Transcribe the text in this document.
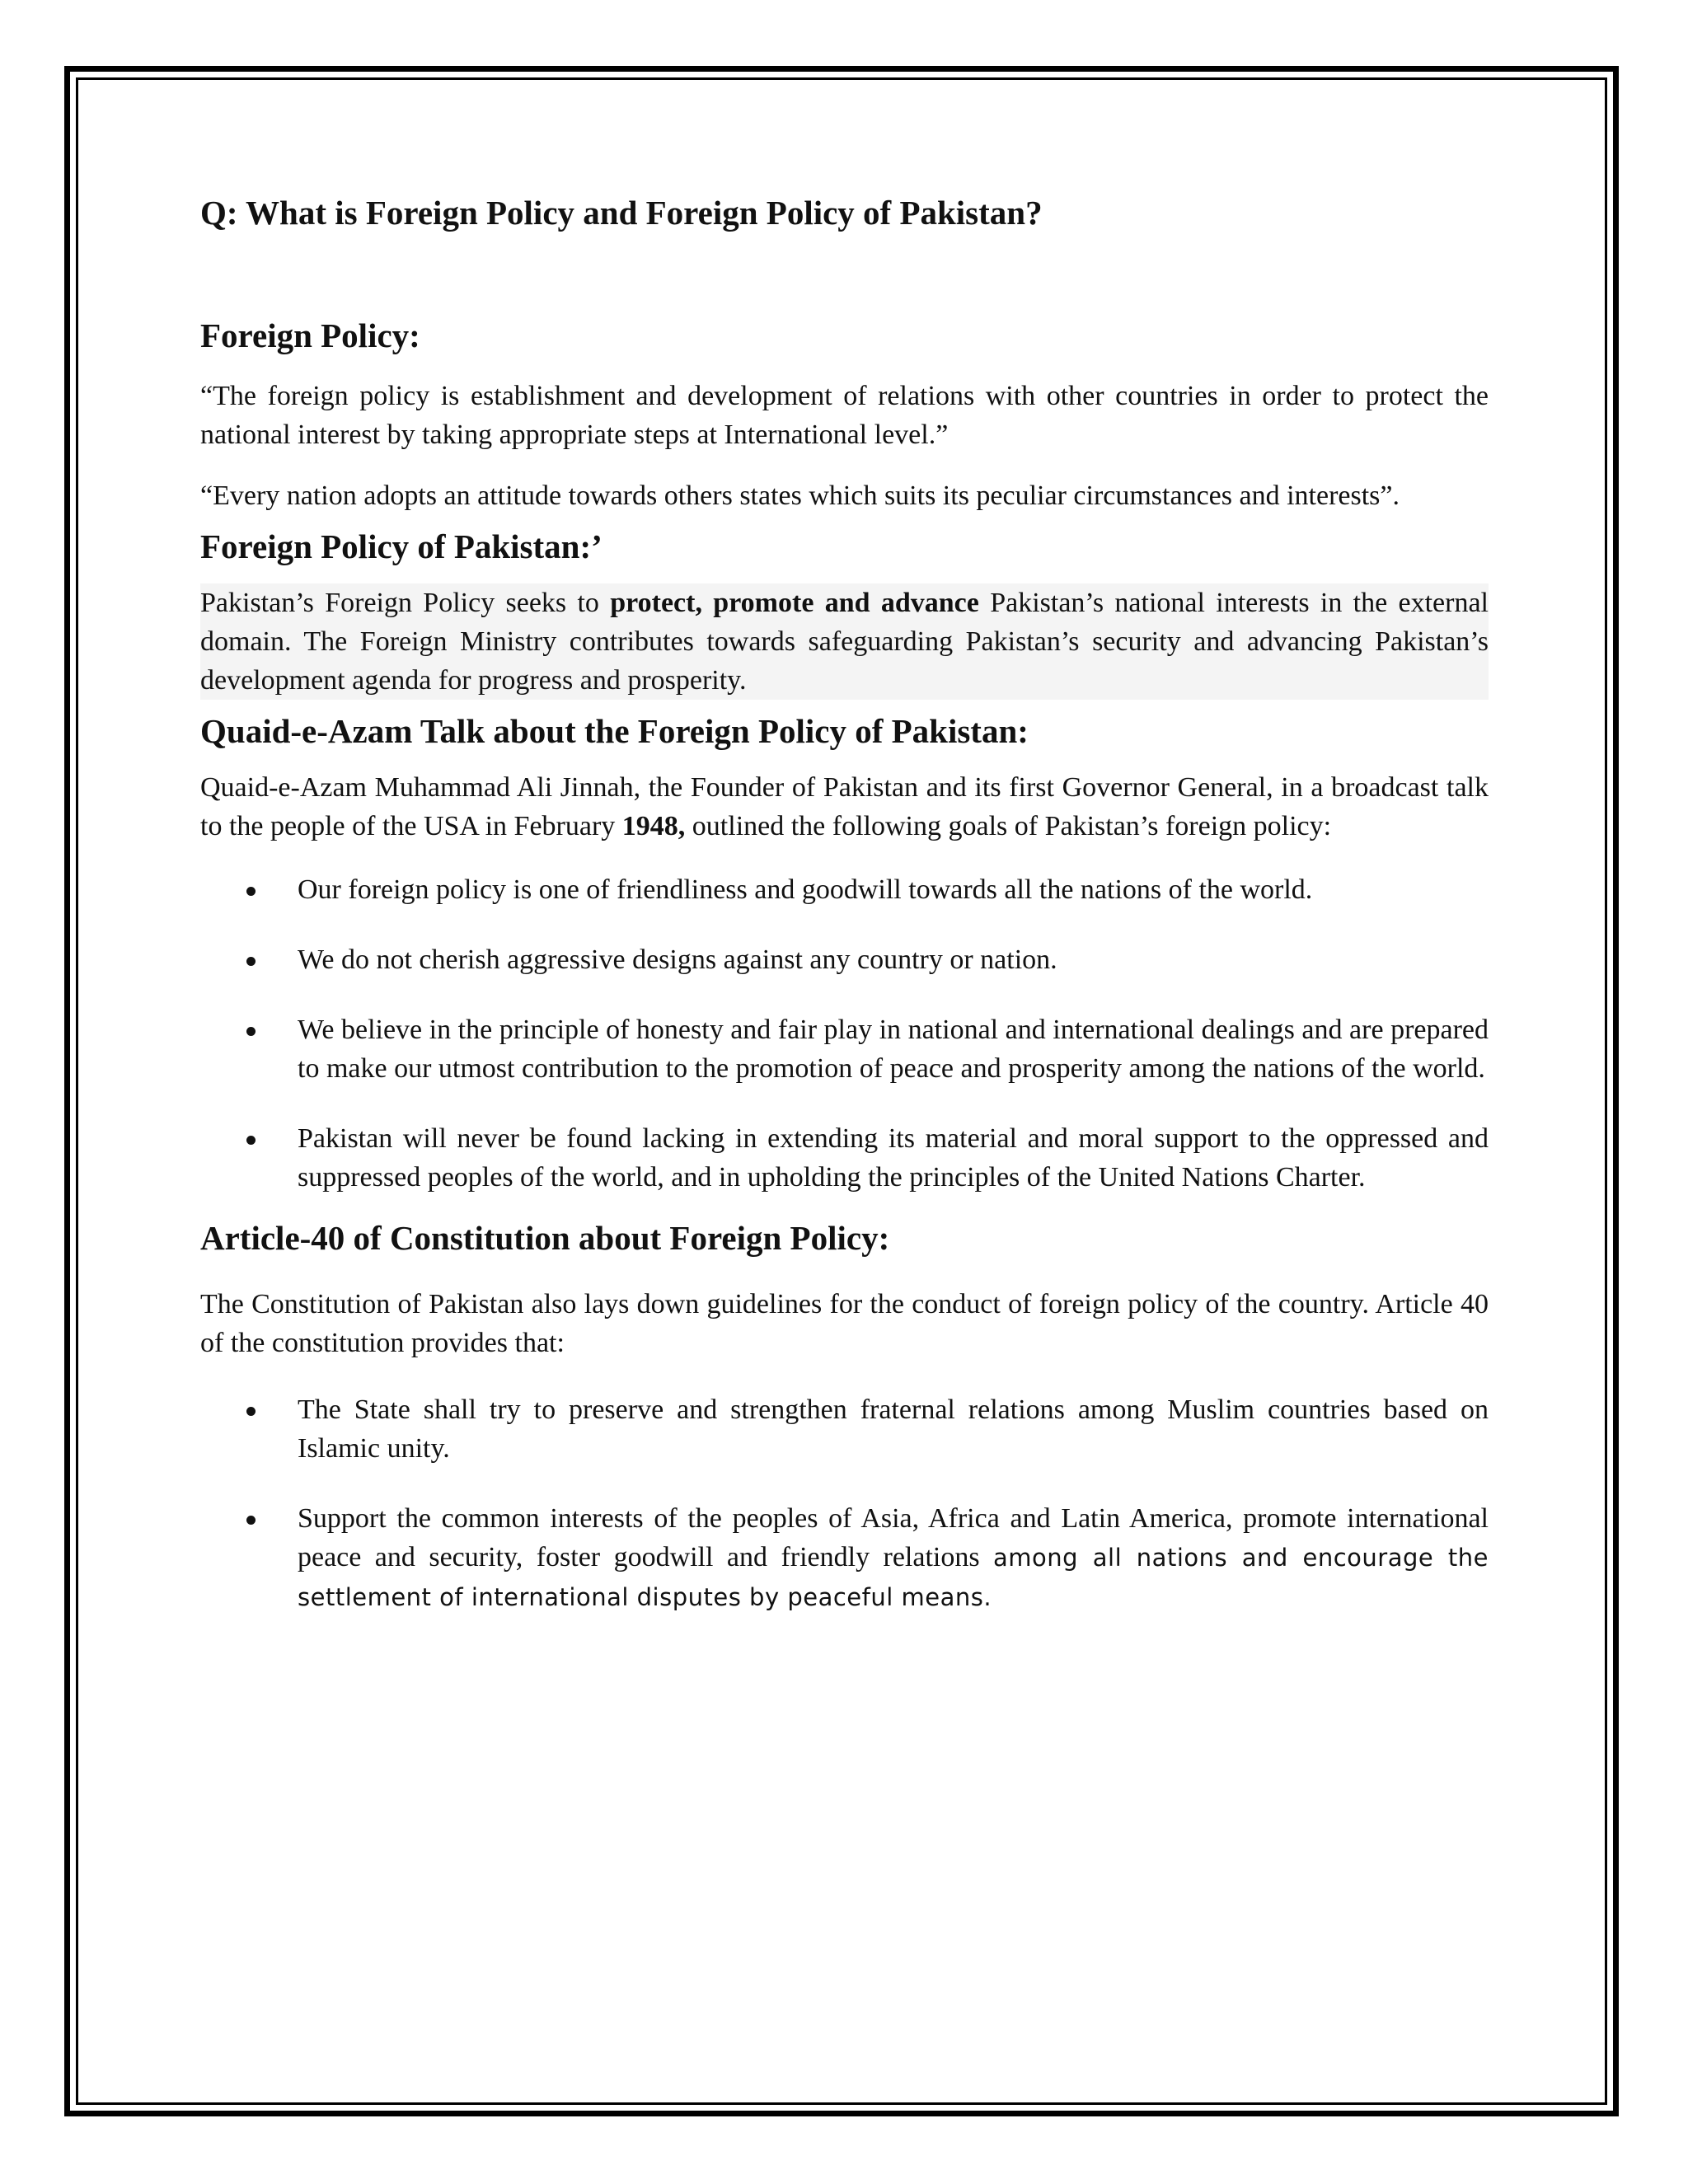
Q: What is Foreign Policy and Foreign Policy of Pakistan?
Foreign Policy:

“The foreign policy is establishment and development of relations with other countries in order to protect the national interest by taking appropriate steps at International level.”

“Every nation adopts an attitude towards others states which suits its peculiar circumstances and interests”.

Foreign Policy of Pakistan:’

Pakistan’s Foreign Policy seeks to protect, promote and advance Pakistan’s national interests in the external domain. The Foreign Ministry contributes towards safeguarding Pakistan’s security and advancing Pakistan’s development agenda for progress and prosperity.

Quaid-e-Azam Talk about the Foreign Policy of Pakistan:

Quaid-e-Azam Muhammad Ali Jinnah, the Founder of Pakistan and its first Governor General, in a broadcast talk to the people of the USA in February 1948, outlined the following goals of Pakistan’s foreign policy:

Our foreign policy is one of friendliness and goodwill towards all the nations of the world.
We do not cherish aggressive designs against any country or nation.
We believe in the principle of honesty and fair play in national and international dealings and are prepared to make our utmost contribution to the promotion of peace and prosperity among the nations of the world.
Pakistan will never be found lacking in extending its material and moral support to the oppressed and suppressed peoples of the world, and in upholding the principles of the United Nations Charter.
Article-40 of Constitution about Foreign Policy:

The Constitution of Pakistan also lays down guidelines for the conduct of foreign policy of the country. Article 40 of the constitution provides that:

The State shall try to preserve and strengthen fraternal relations among Muslim countries based on Islamic unity.
Support the common interests of the peoples of Asia, Africa and Latin America, promote international peace and security, foster goodwill and friendly relations among all nations and encourage the settlement of international disputes by peaceful means.
